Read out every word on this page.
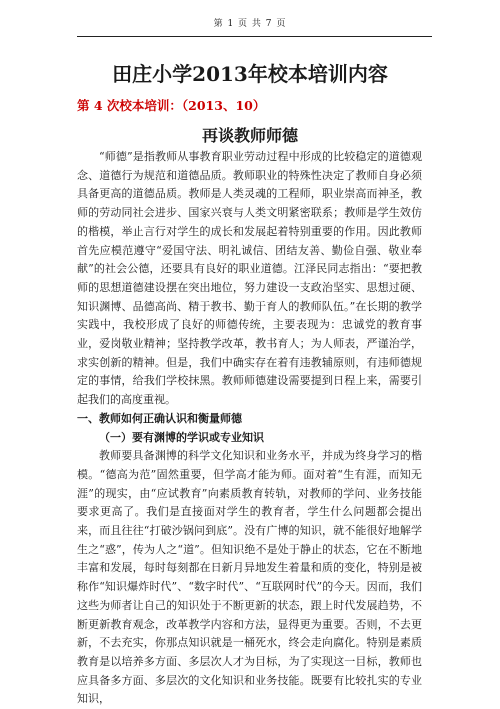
第 1 页 共 7 页
田庄小学2013年校本培训内容
第 4 次校本培训：（2013、10）
再谈教师师德

“师德”是指教师从事教育职业劳动过程中形成的比较稳定的道德观念、道德行为规范和道德品质。教师职业的特殊性决定了教师自身必须具备更高的道德品质。教师是人类灵魂的工程师，职业崇高而神圣，教师的劳动同社会进步、国家兴衰与人类文明紧密联系；教师是学生效仿的楷模，举止言行对学生的成长和发展起着特别重要的作用。因此教师首先应模范遵守“爱国守法、明礼诚信、团结友善、勤俭自强、敬业奉献”的社会公德，还要具有良好的职业道德。江泽民同志指出：“要把教师的思想道德建设摆在突出地位，努力建设一支政治坚实、思想过硬、知识渊博、品德高尚、精于教书、勤于育人的教师队伍。”在长期的教学实践中，我校形成了良好的师德传统，主要表现为：忠诚党的教育事业，爱岗敬业精神；坚持教学改革，教书育人；为人师表，严谨治学，求实创新的精神。但是，我们中确实存在着有违教辅原则，有违师德规定的事情，给我们学校抹黑。教师师德建设需要提到日程上来，需要引起我们的高度重视。

一、教师如何正确认识和衡量师德

（一）要有渊博的学识或专业知识

教师要具备渊博的科学文化知识和业务水平，并成为终身学习的楷模。“德高为范”固然重要，但学高才能为师。面对着“生有涯，而知无涯”的现实，由“应试教育”向素质教育转轨，对教师的学问、业务技能要求更高了。我们是直接面对学生的教育者，学生什么问题都会提出来，而且往往“打破沙锅问到底”。没有广博的知识，就不能很好地解学生之“惑”，传为人之“道”。但知识绝不是处于静止的状态，它在不断地丰富和发展，每时每刻都在日新月异地发生着量和质的变化，特别是被称作“知识爆炸时代”、“数字时代”、“互联网时代”的今天。因而，我们这些为师者让自己的知识处于不断更新的状态，跟上时代发展趋势，不断更新教育观念，改革教学内容和方法，显得更为重要。否则，不去更新，不去充实，你那点知识就是一桶死水，终会走向腐化。特别是素质教育是以培养多方面、多层次人才为目标，为了实现这一目标，教师也应具备多方面、多层次的文化知识和业务技能。既要有比较扎实的专业知识，
